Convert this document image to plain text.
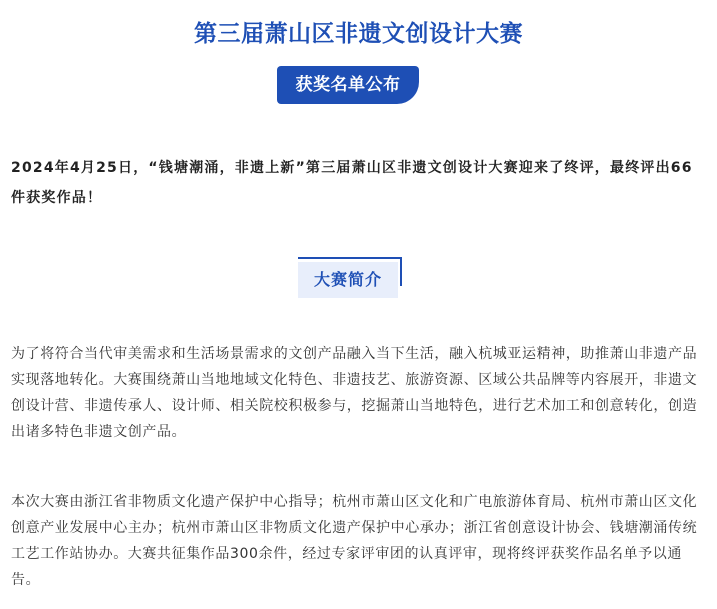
第三届萧山区非遗文创设计大赛
获奖名单公布

2024年4月25日，“钱塘潮涌，非遗上新”第三届萧山区非遗文创设计大赛迎来了终评，最终评出66件获奖作品！

大赛简介

为了将符合当代审美需求和生活场景需求的文创产品融入当下生活，融入杭城亚运精神，助推萧山非遗产品实现落地转化。大赛围绕萧山当地地域文化特色、非遗技艺、旅游资源、区域公共品牌等内容展开，非遗文创设计营、非遗传承人、设计师、相关院校积极参与，挖掘萧山当地特色，进行艺术加工和创意转化，创造出诸多特色非遗文创产品。

本次大赛由浙江省非物质文化遗产保护中心指导；杭州市萧山区文化和广电旅游体育局、杭州市萧山区文化创意产业发展中心主办；杭州市萧山区非物质文化遗产保护中心承办；浙江省创意设计协会、钱塘潮涌传统工艺工作站协办。大赛共征集作品300余件，经过专家评审团的认真评审，现将终评获奖作品名单予以通告。
